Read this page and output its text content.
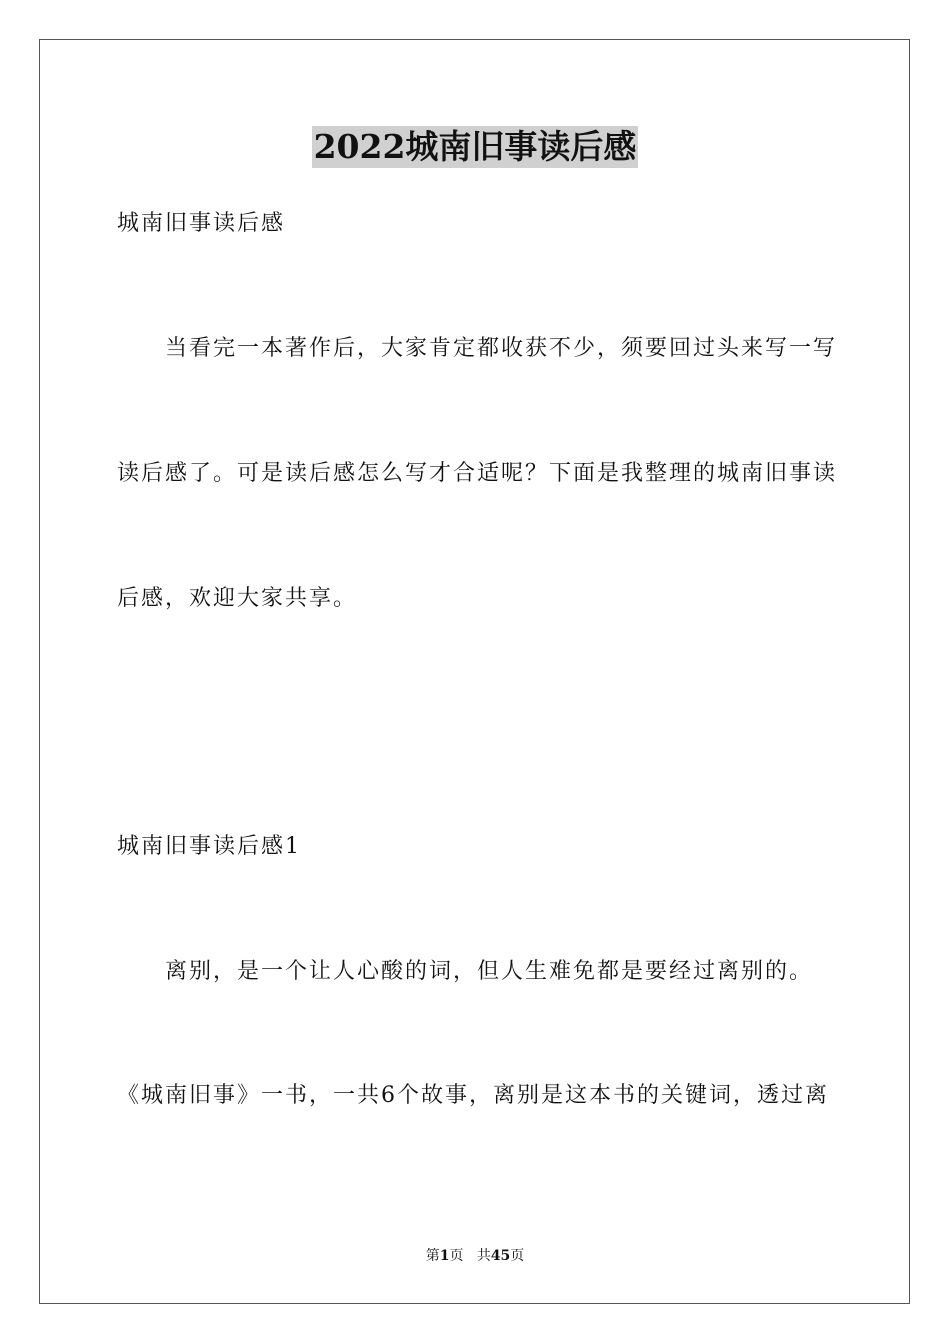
2022城南旧事读后感
城南旧事读后感
当看完一本著作后，大家肯定都收获不少，须要回过头来写一写
读后感了。可是读后感怎么写才合适呢？下面是我整理的城南旧事读
后感，欢迎大家共享。
城南旧事读后感1
离别，是一个让人心酸的词，但人生难免都是要经过离别的。
《城南旧事》一书，一共6个故事，离别是这本书的关键词，透过离
第1页 共45页
